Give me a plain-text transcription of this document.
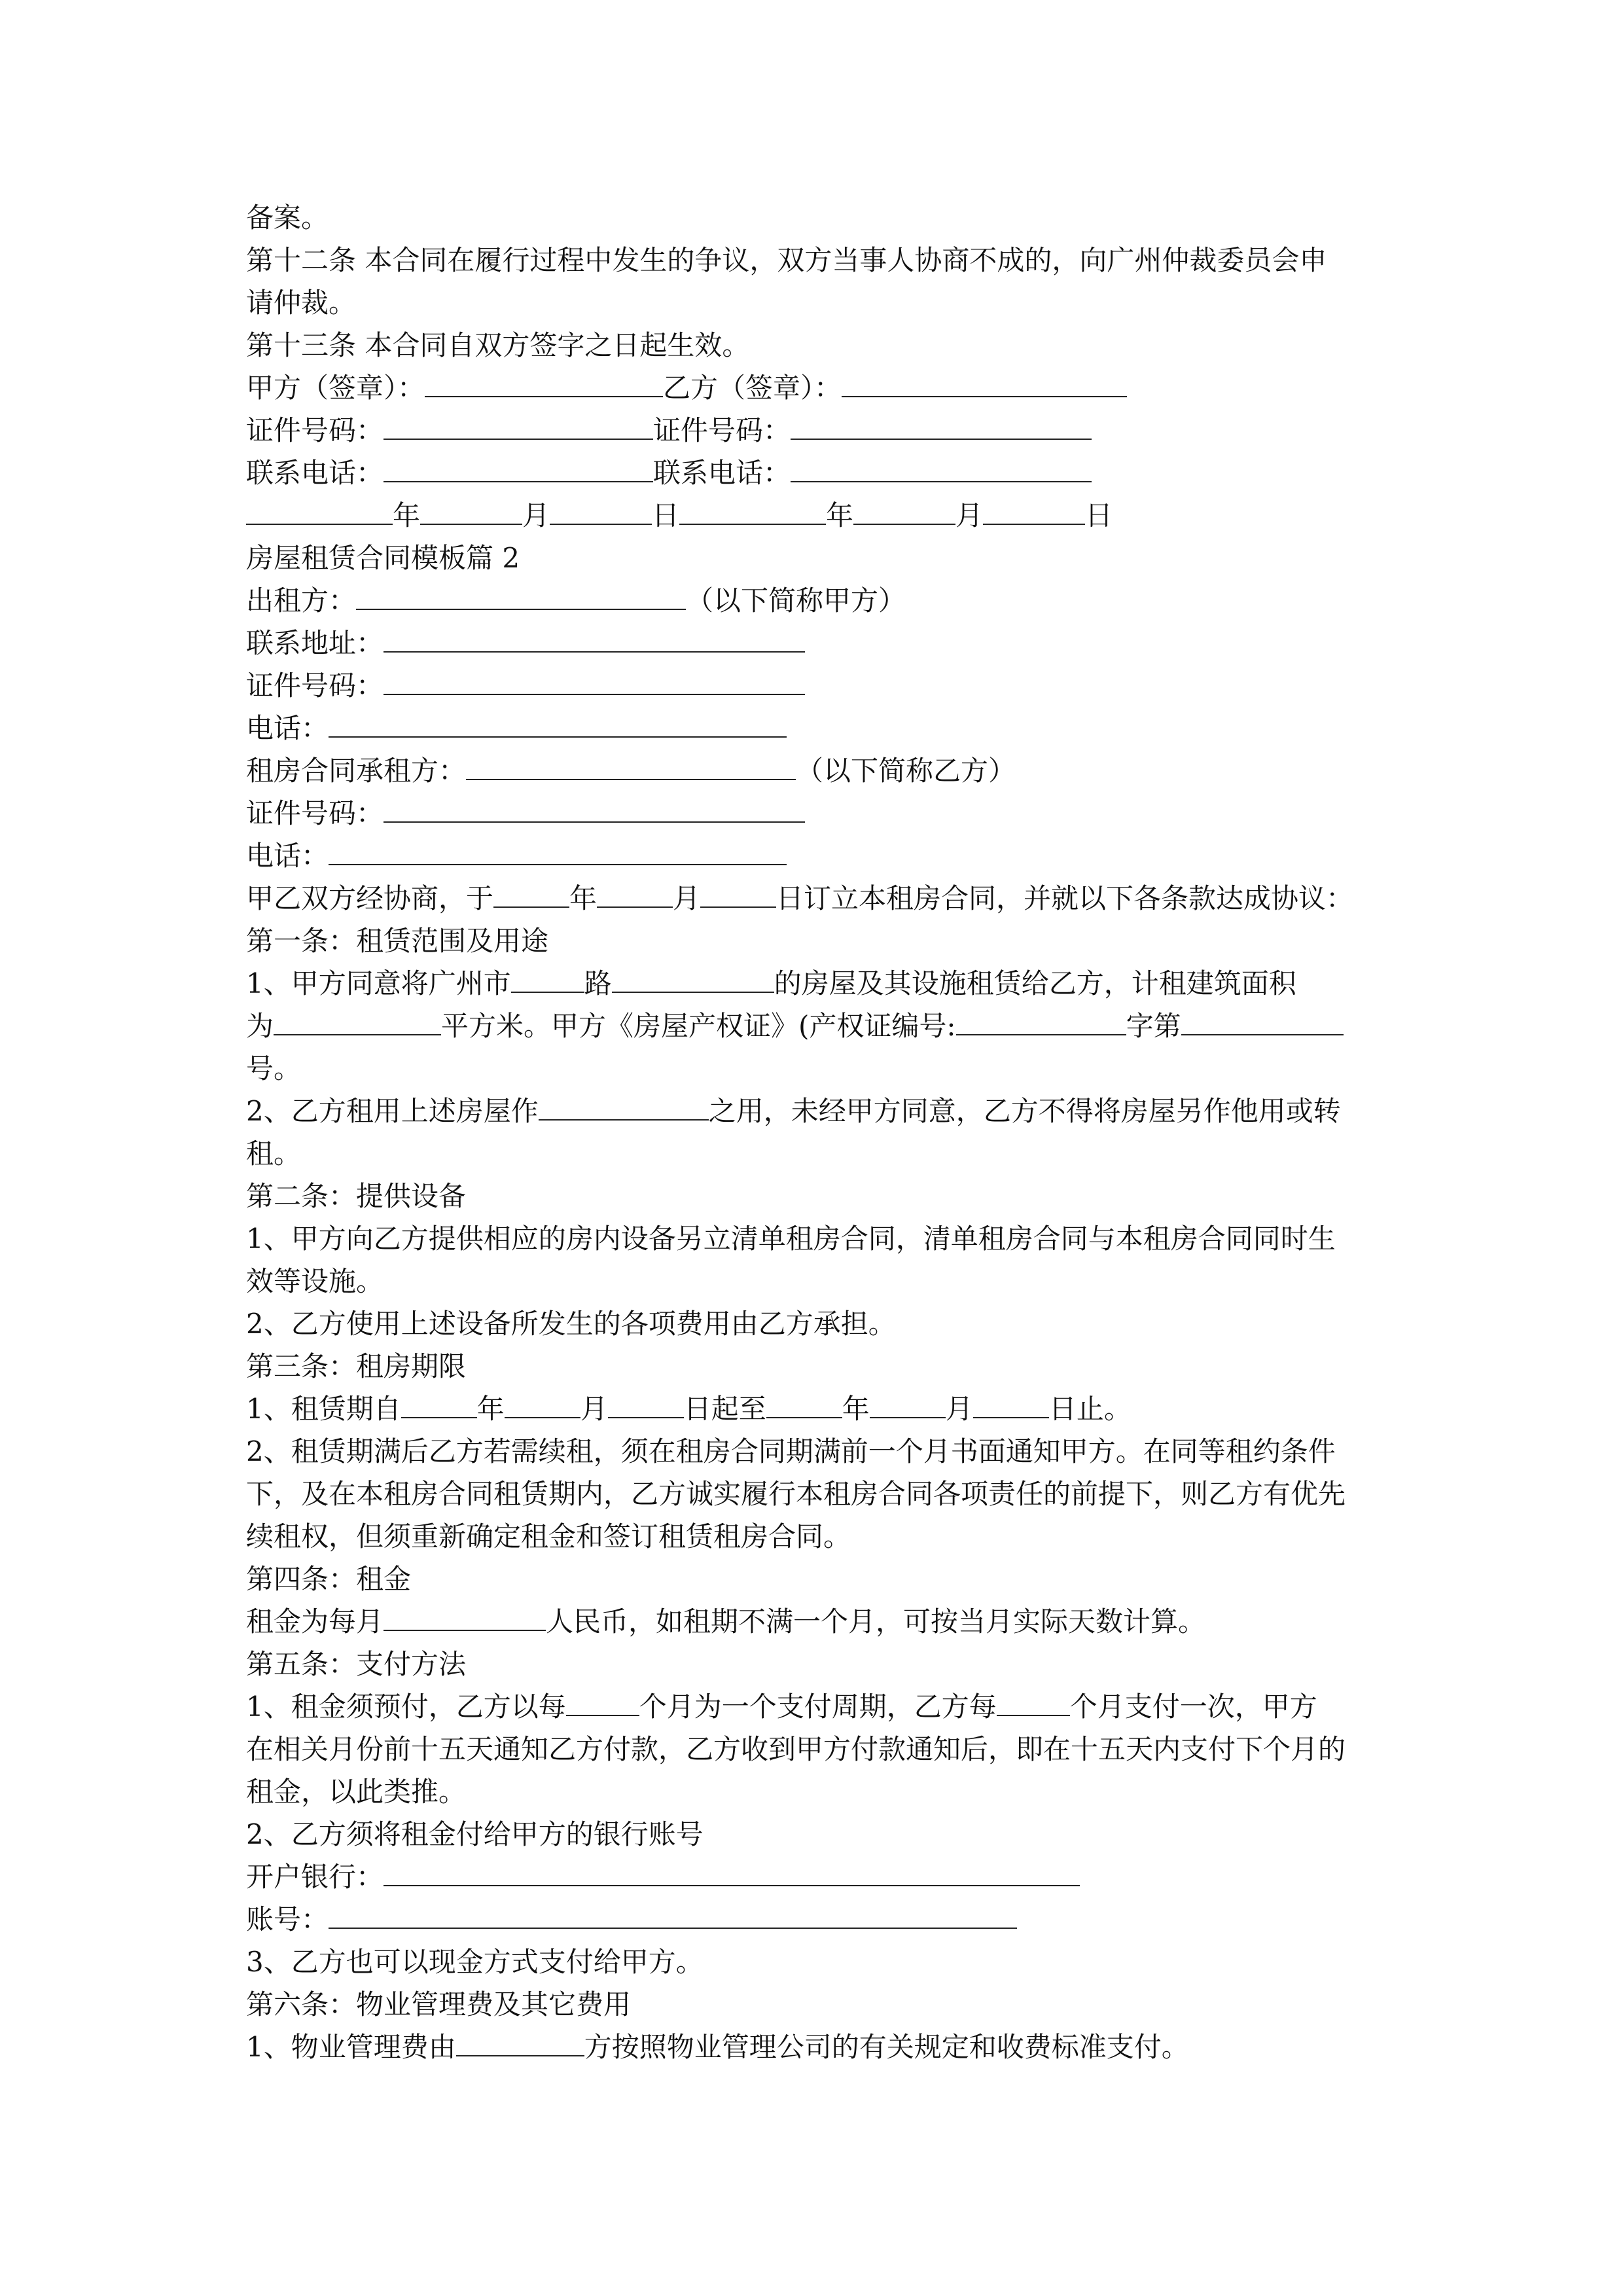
备案。
第十二条 本合同在履行过程中发生的争议，双方当事人协商不成的，向广州仲裁委员会申
请仲裁。
第十三条 本合同自双方签字之日起生效。
甲方（签章）：	乙方（签章）：
证件号码：	证件号码：
联系电话：	联系电话：
年	月	日	年	月	日
房屋租赁合同模板篇 2
出租方：	（以下简称甲方）
联系地址：
证件号码：
电话：
租房合同承租方：	（以下简称乙方）
证件号码：
电话：
甲乙双方经协商，于	年	月	日订立本租房合同，并就以下各条款达成协议：
第一条：租赁范围及用途
1、甲方同意将广州市	路	的房屋及其设施租赁给乙方，计租建筑面积
为	平方米。甲方《房屋产权证》(产权证编号:	字第
号。
2、乙方租用上述房屋作	之用，未经甲方同意，乙方不得将房屋另作他用或转
租。
第二条：提供设备
1、甲方向乙方提供相应的房内设备另立清单租房合同，清单租房合同与本租房合同同时生
效等设施。
2、乙方使用上述设备所发生的各项费用由乙方承担。
第三条：租房期限
1、租赁期自	年	月	日起至	年	月	日止。
2、租赁期满后乙方若需续租，须在租房合同期满前一个月书面通知甲方。在同等租约条件
下，及在本租房合同租赁期内，乙方诚实履行本租房合同各项责任的前提下，则乙方有优先
续租权，但须重新确定租金和签订租赁租房合同。
第四条：租金
租金为每月	人民币，如租期不满一个月，可按当月实际天数计算。
第五条：支付方法
1、租金须预付，乙方以每	个月为一个支付周期，乙方每	个月支付一次，甲方
在相关月份前十五天通知乙方付款，乙方收到甲方付款通知后，即在十五天内支付下个月的
租金，以此类推。
2、乙方须将租金付给甲方的银行账号
开户银行：
账号：
3、乙方也可以现金方式支付给甲方。
第六条：物业管理费及其它费用
1、物业管理费由	方按照物业管理公司的有关规定和收费标准支付。
